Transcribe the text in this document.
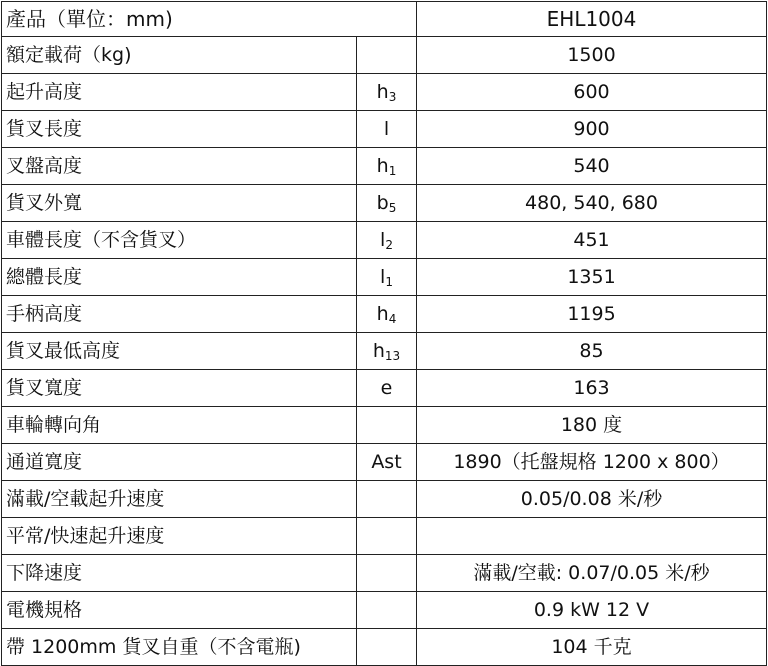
產品（單位：mm)		EHL1004
額定載荷（kg)		1500
起升高度	$h_3$	600
貨叉長度	l	900
叉盤高度	$h_1$	540
貨叉外寬	$b_5$	480, 540, 680
車體長度（不含貨叉）	$l_2$	451
總體長度	$l_1$	1351
手柄高度	$h_4$	1195
貨叉最低高度	$h_{13}$	85
貨叉寬度	e	163
車輪轉向角		180 度
通道寬度	Ast	1890（托盤規格 1200 x 800）
滿載/空載起升速度		0.05/0.08 米/秒
平常/快速起升速度		
下降速度		滿載/空載: 0.07/0.05 米/秒
電機規格		0.9 kW 12 V
帶 1200mm 貨叉自重（不含電瓶)		104 千克
